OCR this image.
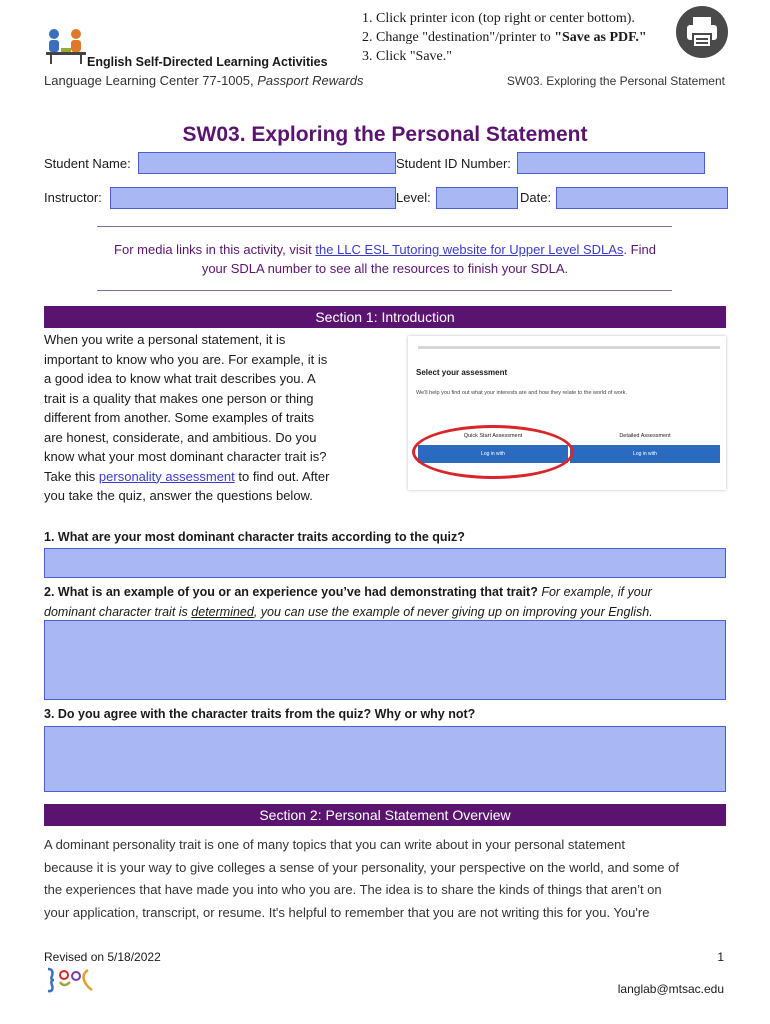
English Self-Directed Learning Activities
1. Click printer icon (top right or center bottom).
2. Change "destination"/printer to "Save as PDF."
3. Click "Save."
Language Learning Center 77-1005, Passport Rewards	SW03. Exploring the Personal Statement
SW03. Exploring the Personal Statement
Student Name:	Student ID Number:
Instructor:	Level:	Date:
For media links in this activity, visit the LLC ESL Tutoring website for Upper Level SDLAs. Find
your SDLA number to see all the resources to finish your SDLA.
Section 1: Introduction
When you write a personal statement, it is
important to know who you are. For example, it is
a good idea to know what trait describes you. A
trait is a quality that makes one person or thing
different from another. Some examples of traits
are honest, considerate, and ambitious. Do you
know what your most dominant character trait is?
Take this personality assessment to find out. After
you take the quiz, answer the questions below.
Select your assessment
We'll help you find out what your interests are and how they relate to the world of work.
Quick Start Assessment	Detailed Assessment
Log in with	Log in with
1. What are your most dominant character traits according to the quiz?
2. What is an example of you or an experience you’ve had demonstrating that trait? For example, if your
dominant character trait is determined, you can use the example of never giving up on improving your English.
3. Do you agree with the character traits from the quiz? Why or why not?
Section 2: Personal Statement Overview
A dominant personality trait is one of many topics that you can write about in your personal statement
because it is your way to give colleges a sense of your personality, your perspective on the world, and some of
the experiences that have made you into who you are. The idea is to share the kinds of things that aren’t on
your application, transcript, or resume. It's helpful to remember that you are not writing this for you. You're
Revised on 5/18/2022	1
langlab@mtsac.edu
